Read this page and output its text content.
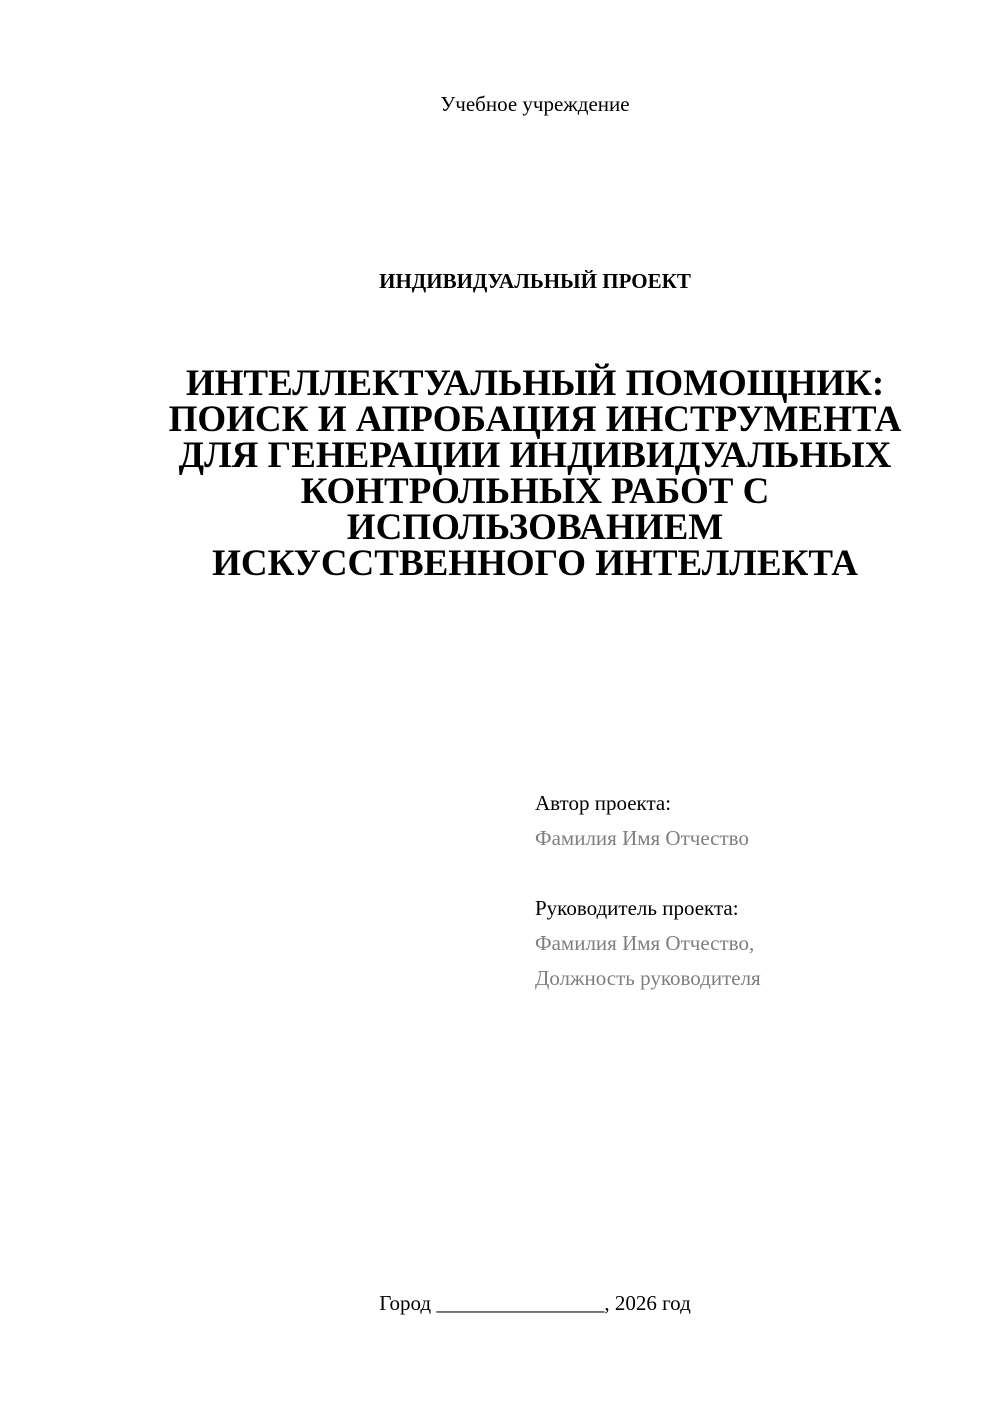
Учебное учреждение
ИНДИВИДУАЛЬНЫЙ ПРОЕКТ
ИНТЕЛЛЕКТУАЛЬНЫЙ ПОМОЩНИК:
ПОИСК И АПРОБАЦИЯ ИНСТРУМЕНТА
ДЛЯ ГЕНЕРАЦИИ ИНДИВИДУАЛЬНЫХ
КОНТРОЛЬНЫХ РАБОТ С
ИСПОЛЬЗОВАНИЕМ
ИСКУССТВЕННОГО ИНТЕЛЛЕКТА
Автор проекта:
Фамилия Имя Отчество
Руководитель проекта:
Фамилия Имя Отчество,
Должность руководителя
Город ________________, 2026 год
